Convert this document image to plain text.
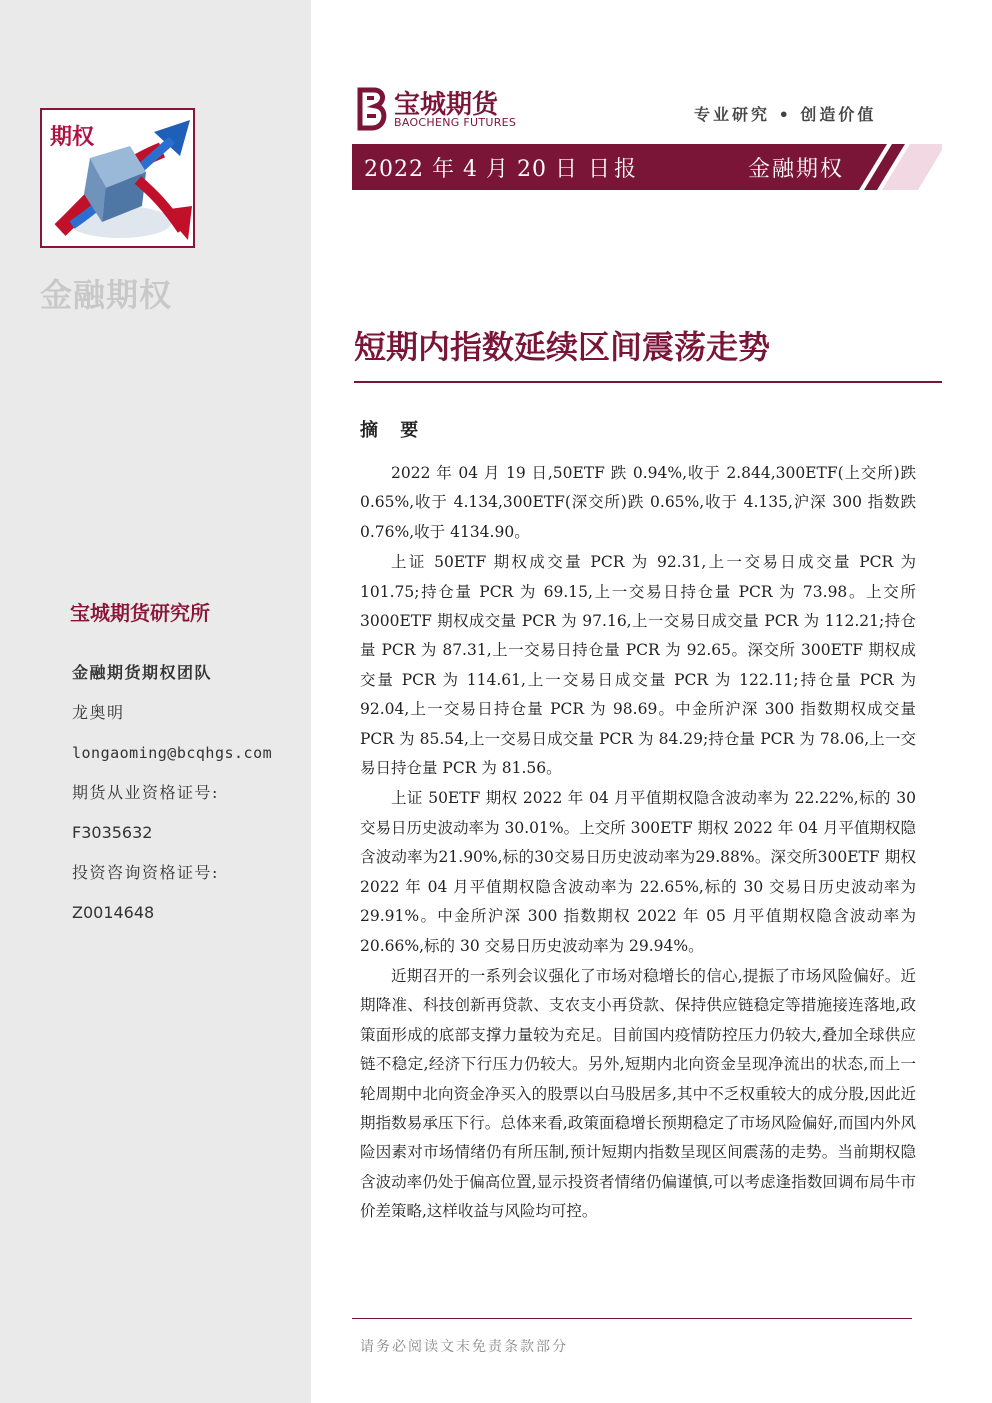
期权
金融期权
宝城期货研究所
金融期货期权团队
龙奥明
longaoming@bcqhgs.com
期货从业资格证号:
F3035632
投资咨询资格证号:
Z0014648
宝城期货
BAOCHENG FUTURES	专业研究 • 创造价值
2022 年 4 月 20 日 日报	金融期权
短期内指数延续区间震荡走势
摘 要

2022 年 04 月 19 日,50ETF 跌 0.94%,收于 2.844,300ETF(上交所)跌 0.65%,收于 4.134,300ETF(深交所)跌 0.65%,收于 4.135,沪深 300 指数跌 0.76%,收于 4134.90。

上证 50ETF 期权成交量 PCR 为 92.31,上一交易日成交量 PCR 为 101.75;持仓量 PCR 为 69.15,上一交易日持仓量 PCR 为 73.98。上交所 3000ETF 期权成交量 PCR 为 97.16,上一交易日成交量 PCR 为 112.21;持仓量 PCR 为 87.31,上一交易日持仓量 PCR 为 92.65。深交所 300ETF 期权成交量 PCR 为 114.61,上一交易日成交量 PCR 为 122.11;持仓量 PCR 为 92.04,上一交易日持仓量 PCR 为 98.69。中金所沪深 300 指数期权成交量 PCR 为 85.54,上一交易日成交量 PCR 为 84.29;持仓量 PCR 为 78.06,上一交易日持仓量 PCR 为 81.56。

上证 50ETF 期权 2022 年 04 月平值期权隐含波动率为 22.22%,标的 30 交易日历史波动率为 30.01%。上交所 300ETF 期权 2022 年 04 月平值期权隐含波动率为21.90%,标的30交易日历史波动率为29.88%。深交所300ETF 期权 2022 年 04 月平值期权隐含波动率为 22.65%,标的 30 交易日历史波动率为 29.91%。中金所沪深 300 指数期权 2022 年 05 月平值期权隐含波动率为 20.66%,标的 30 交易日历史波动率为 29.94%。

近期召开的一系列会议强化了市场对稳增长的信心,提振了市场风险偏好。近期降准、科技创新再贷款、支农支小再贷款、保持供应链稳定等措施接连落地,政策面形成的底部支撑力量较为充足。目前国内疫情防控压力仍较大,叠加全球供应链不稳定,经济下行压力仍较大。另外,短期内北向资金呈现净流出的状态,而上一轮周期中北向资金净买入的股票以白马股居多,其中不乏权重较大的成分股,因此近期指数易承压下行。总体来看,政策面稳增长预期稳定了市场风险偏好,而国内外风险因素对市场情绪仍有所压制,预计短期内指数呈现区间震荡的走势。当前期权隐含波动率仍处于偏高位置,显示投资者情绪仍偏谨慎,可以考虑逢指数回调布局牛市价差策略,这样收益与风险均可控。

请务必阅读文末免责条款部分
